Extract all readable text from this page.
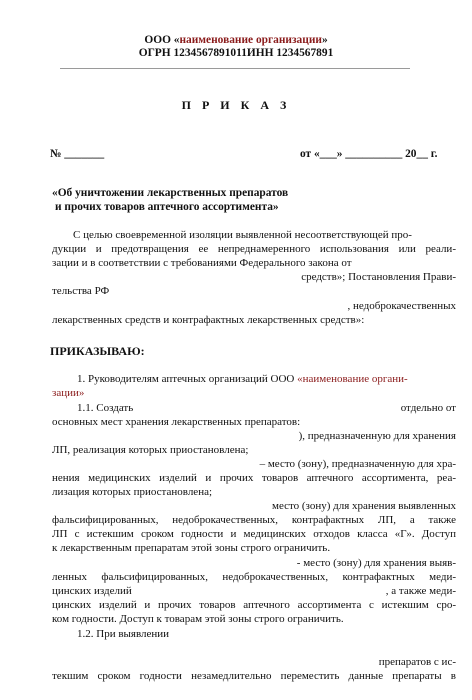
ООО «наименование организации»
ОГРН 1234567891011ИНН 1234567891
П Р И К А З
№ _______	от «___» __________ 20__ г.
«Об уничтожении лекарственных препаратов
и прочих товаров аптечного ассортимента»
С целью своевременной изоляции выявленной несоответствующей про-
дукции и предотвращения ее непреднамеренного использования или реали-
зации и в соответствии с требованиями Федерального закона от
средств»; Постановления Прави-
тельства РФ
, недоброкачественных
лекарственных средств и контрафактных лекарственных средств»:
ПРИКАЗЫВАЮ:
1. Руководителям аптечных организаций ООО «наименование органи-
зации»
1.1. Создать	отдельно от
основных мест хранения лекарственных препаратов:
), предназначенную для хранения
ЛП, реализация которых приостановлена;
– место (зону), предназначенную для хра-
нения медицинских изделий и прочих товаров аптечного ассортимента, реа-
лизация которых приостановлена;
место (зону) для хранения выявленных
фальсифицированных, недоброкачественных, контрафактных ЛП, а также
ЛП с истекшим сроком годности и медицинских отходов класса «Г». Доступ
к лекарственным препаратам этой зоны строго ограничить.
- место (зону) для хранения выяв-
ленных фальсифицированных, недоброкачественных, контрафактных меди-
цинских изделий	, а также меди-
цинских изделий и прочих товаров аптечного ассортимента с истекшим сро-
ком годности. Доступ к товарам этой зоны строго ограничить.
1.2. При выявлении
препаратов с ис-
текшим сроком годности незамедлительно переместить данные препараты в
